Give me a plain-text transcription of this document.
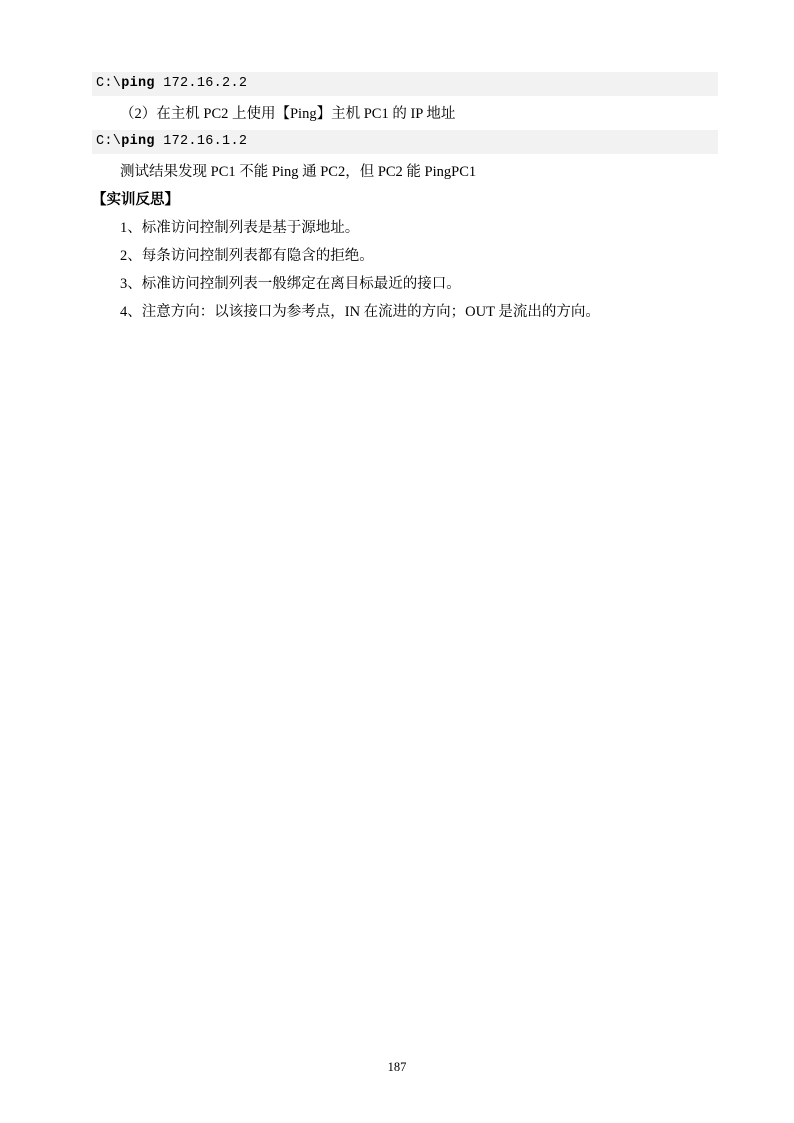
C:\ping 172.16.2.2

（2）在主机 PC2 上使用【Ping】主机 PC1 的 IP 地址

C:\ping 172.16.1.2

测试结果发现 PC1 不能 Ping 通 PC2，但 PC2 能 PingPC1

【实训反思】

1、标准访问控制列表是基于源地址。

2、每条访问控制列表都有隐含的拒绝。

3、标准访问控制列表一般绑定在离目标最近的接口。

4、注意方向：以该接口为参考点，IN 在流进的方向；OUT 是流出的方向。

187
